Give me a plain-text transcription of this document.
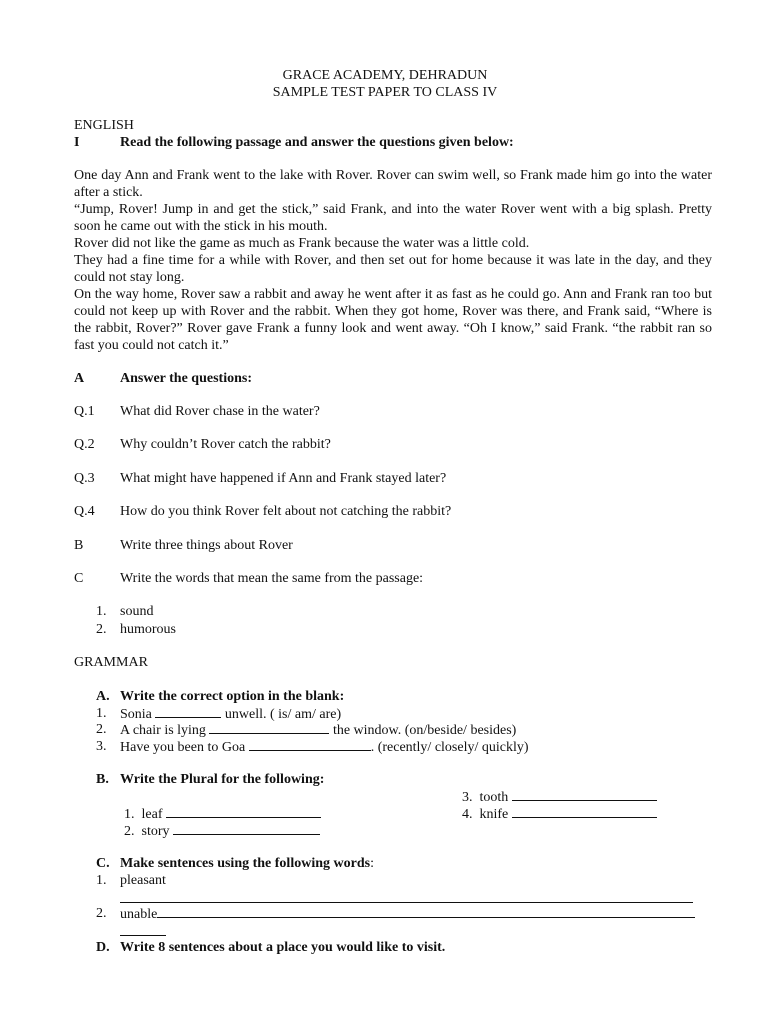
GRACE ACADEMY, DEHRADUN
SAMPLE TEST PAPER TO CLASS IV
ENGLISH
I	Read the following passage and answer the questions given below:

One day Ann and Frank went to the lake with Rover. Rover can swim well, so Frank made him go into the water after a stick.

“Jump, Rover! Jump in and get the stick,” said Frank, and into the water Rover went with a big splash. Pretty soon he came out with the stick in his mouth.

Rover did not like the game as much as Frank because the water was a little cold.

They had a fine time for a while with Rover, and then set out for home because it was late in the day, and they could not stay long.

On the way home, Rover saw a rabbit and away he went after it as fast as he could go. Ann and Frank ran too but could not keep up with Rover and the rabbit. When they got home, Rover was there, and Frank said, “Where is the rabbit, Rover?” Rover gave Frank a funny look and went away. “Oh I know,” said Frank. “the rabbit ran so fast you could not catch it.”

A	Answer the questions:
Q.1 What did Rover chase in the water?
Q.2 Why couldn’t Rover catch the rabbit?
Q.3 What might have happened if Ann and Frank stayed later?
Q.4 How do you think Rover felt about not catching the rabbit?
B	Write three things about Rover
C	Write the words that mean the same from the passage:
1. sound
2. humorous
GRAMMAR
A. Write the correct option in the blank:
1. Sonia	unwell. ( is/ am/ are)
2. A chair is lying	the window. (on/beside/ besides)
3. Have you been to Goa	. (recently/ closely/ quickly)
B. Write the Plural for the following:
3. tooth
4. knife
1. leaf
2. story
C. Make sentences using the following words:
1. pleasant
2. unable
D. Write 8 sentences about a place you would like to visit.
